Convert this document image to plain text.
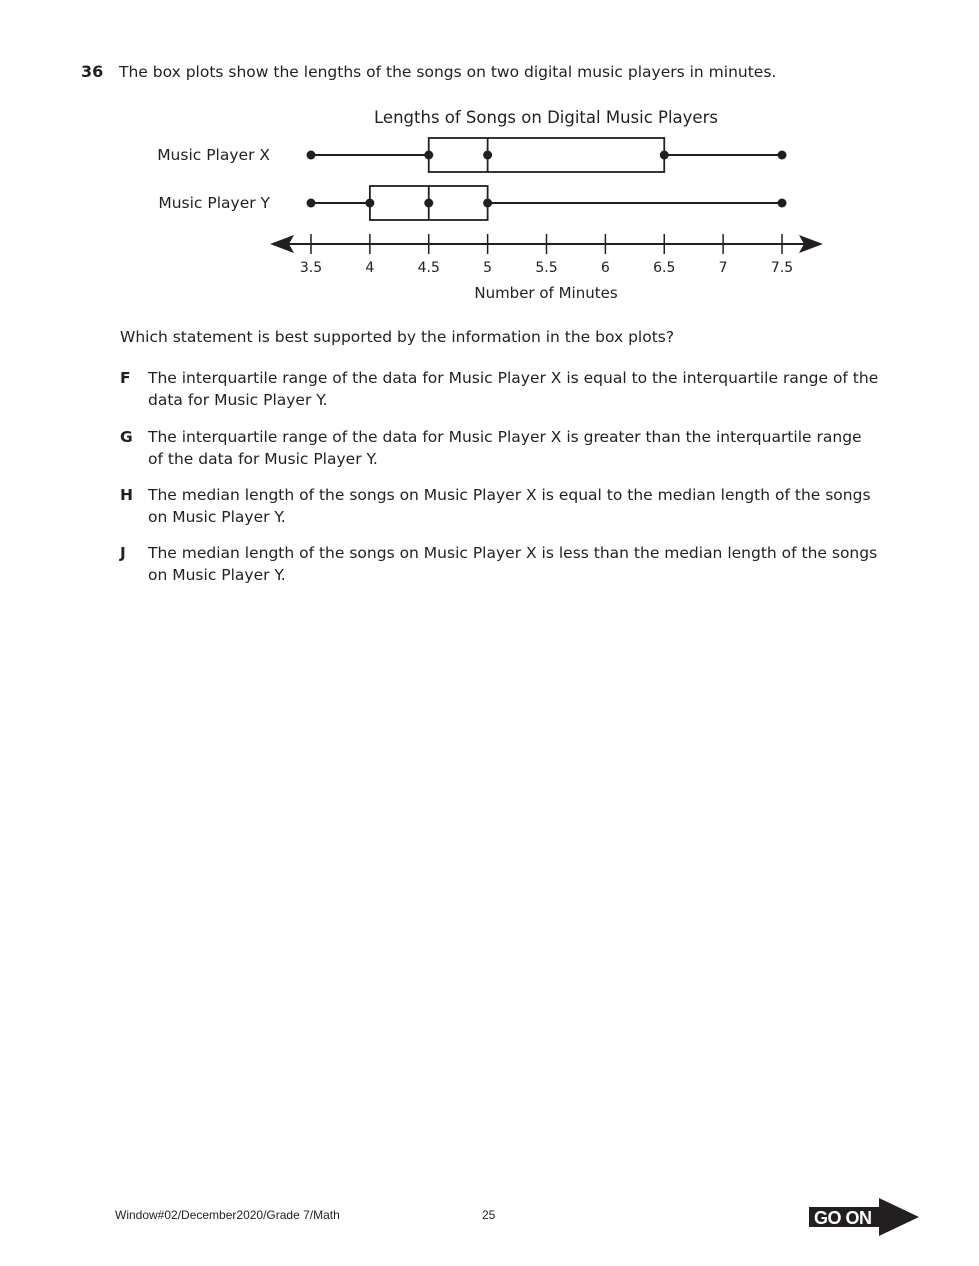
36 The box plots show the lengths of the songs on two digital music players in minutes.
Lengths of Songs on Digital Music Players
Music Player X
Music Player Y
3.5	4	4.5	5	5.5	6	6.5	7	7.5
Number of Minutes
Which statement is best supported by the information in the box plots?
F	The interquartile range of the data for Music Player X is equal to the interquartile range of the data for Music Player Y.
G The interquartile range of the data for Music Player X is greater than the interquartile range of the data for Music Player Y.
H The median length of the songs on Music Player X is equal to the median length of the songs on Music Player Y.
J	The median length of the songs on Music Player X is less than the median length of the songs on Music Player Y.
Window#02/December2020/Grade 7/Math	25	GO ON
